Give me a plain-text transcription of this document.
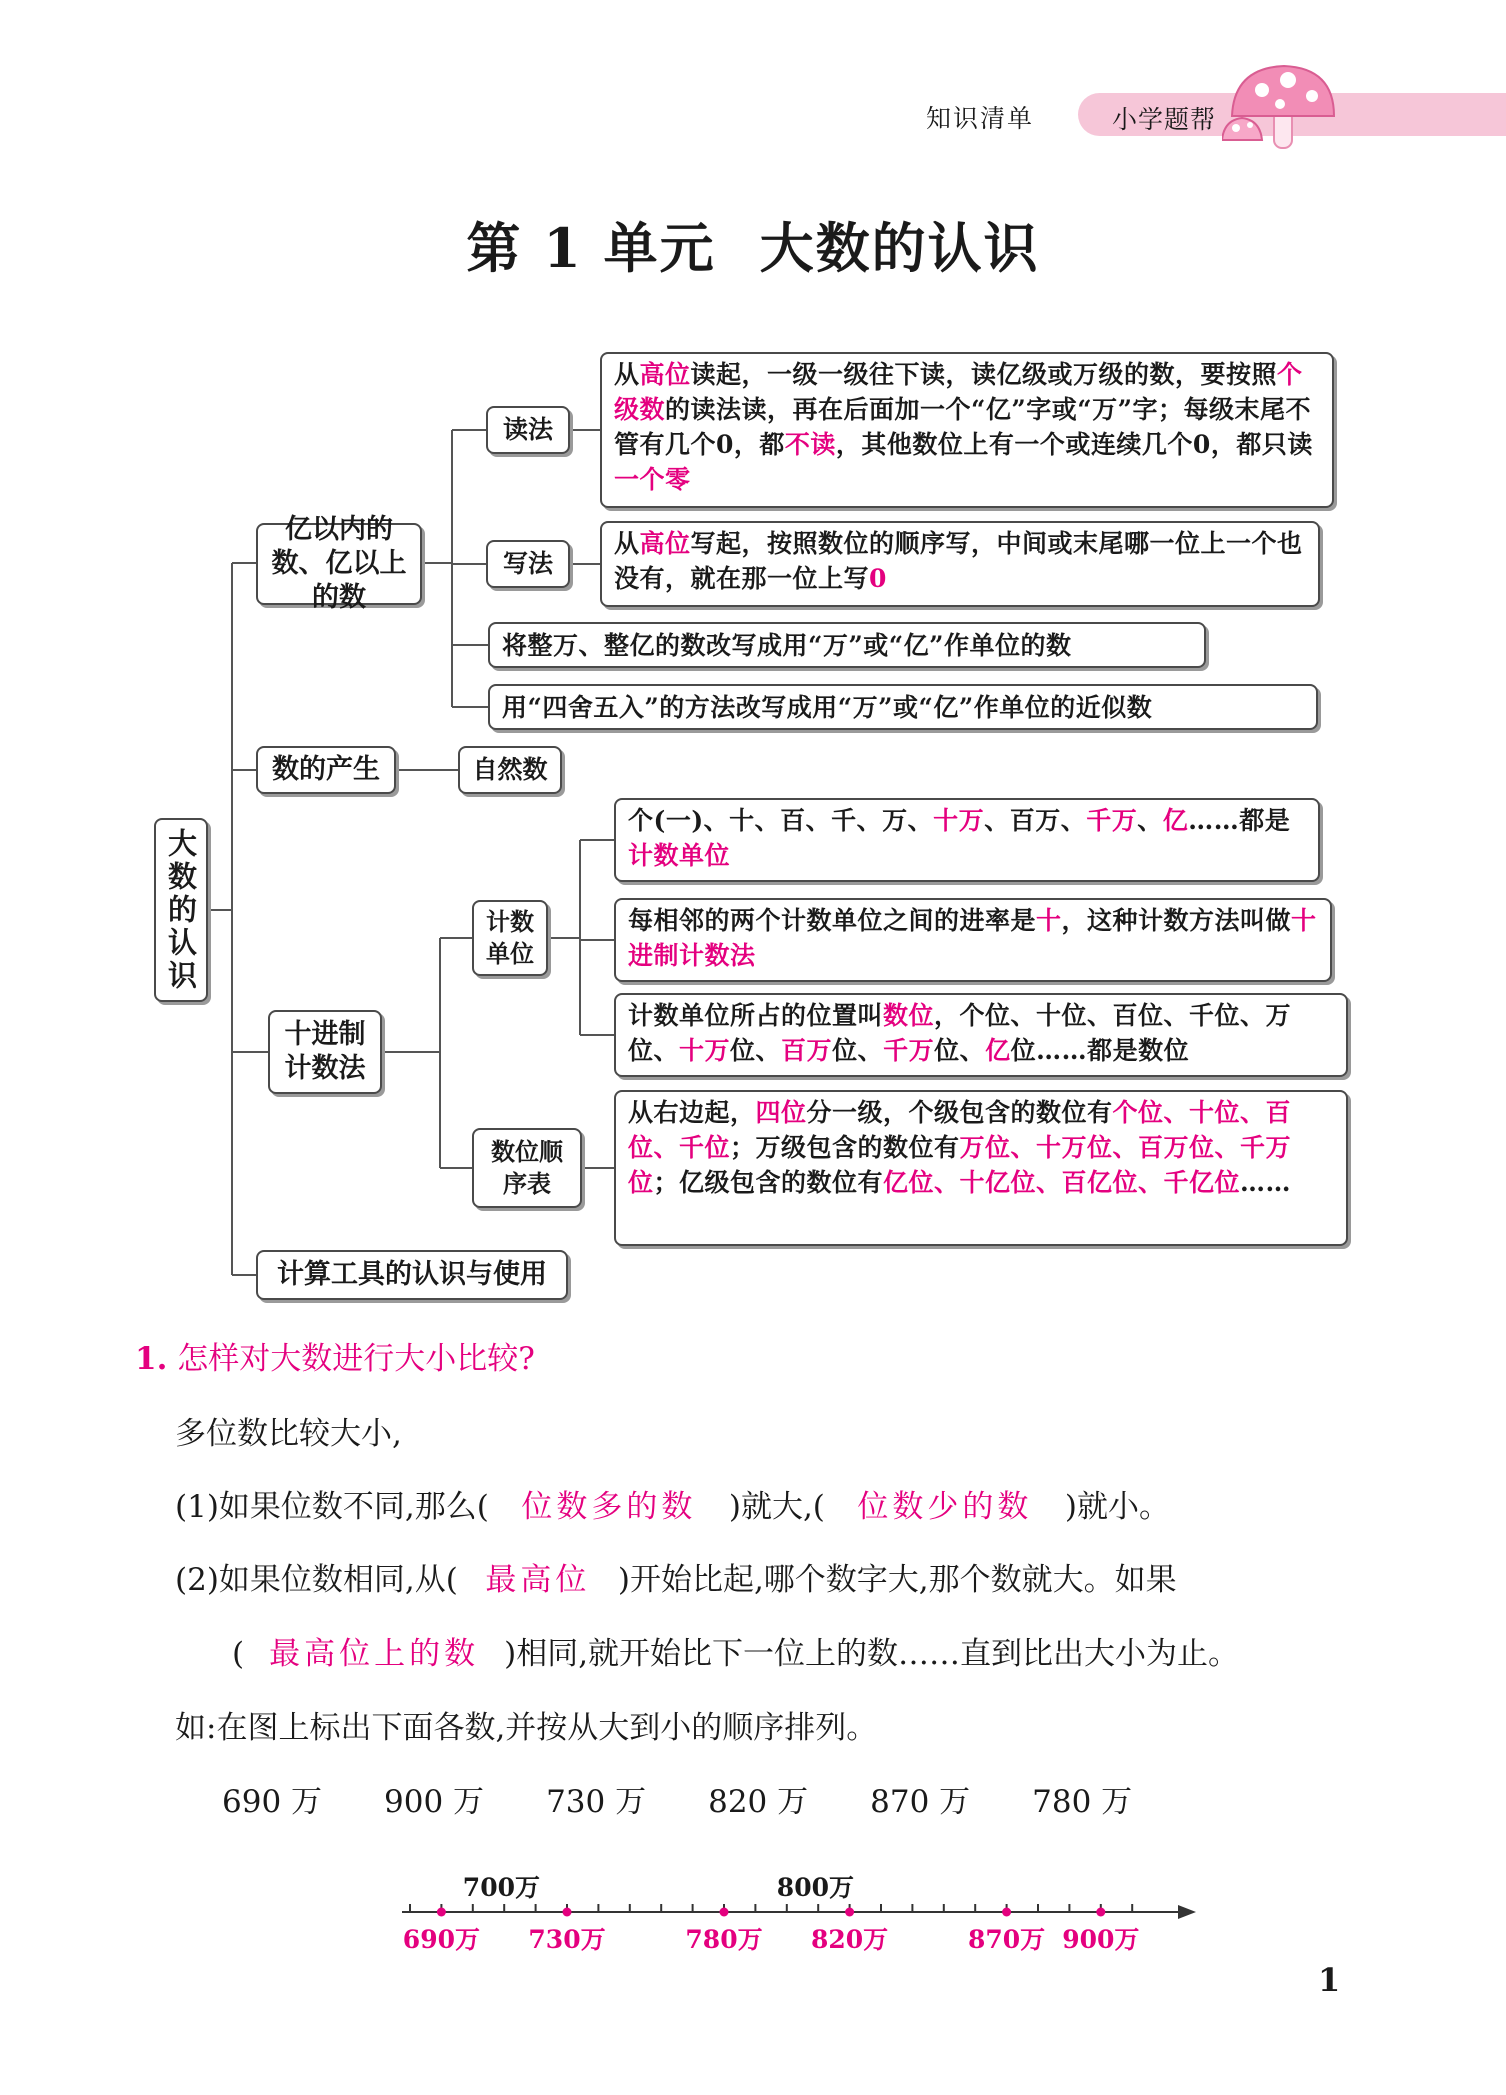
知识清单	小学题帮
第 1 单元 大数的认识
大数的认识
亿以内的数、亿以上的数
读法
从高位读起，一级一级往下读，读亿级或万级的数，要按照个级数的读法读，再在后面加一个“亿”字或“万”字；每级末尾不管有几个0，都不读，其他数位上有一个或连续几个0，都只读一个零
写法
从高位写起，按照数位的顺序写，中间或末尾哪一位上一个也没有，就在那一位上写0
将整万、整亿的数改写成用“万”或“亿”作单位的数
用“四舍五入”的方法改写成用“万”或“亿”作单位的近似数
数的产生	自然数
十进制计数法
计数单位
个(一)、十、百、千、万、十万、百万、千万、亿……都是计数单位
每相邻的两个计数单位之间的进率是十，这种计数方法叫做十进制计数法
计数单位所占的位置叫数位，个位、十位、百位、千位、万位、十万位、百万位、千万位、亿位……都是数位
数位顺序表
从右边起，四位分一级，个级包含的数位有个位、十位、百位、千位；万级包含的数位有万位、十万位、百万位、千万位；亿级包含的数位有亿位、十亿位、百亿位、千亿位……
计算工具的认识与使用
1. 怎样对大数进行大小比较?
多位数比较大小,
(1)如果位数不同,那么( 位数多的数 )就大,( 位数少的数 )就小。
(2)如果位数相同,从( 最高位 )开始比起,哪个数字大,那个数就大。如果
( 最高位上的数 )相同,就开始比下一位上的数……直到比出大小为止。
如:在图上标出下面各数,并按从大到小的顺序排列。
690 万 900 万 730 万 820 万 870 万 780 万
700万	800万
690万 730万	780万 820万	870万 900万
1
